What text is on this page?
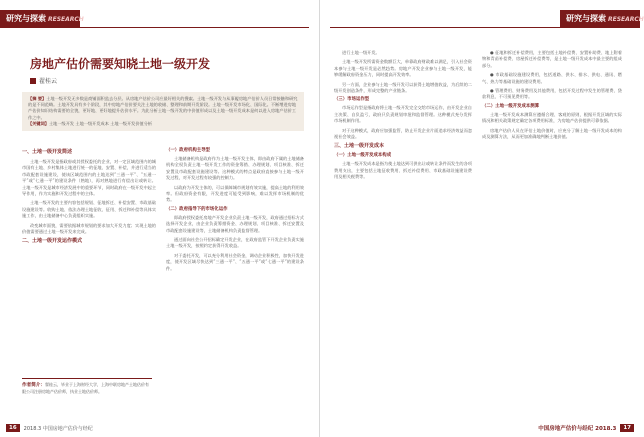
研究与探索 RESEARCH
房地产估价需要知晓土地一级开发
翟桂云
【摘 要】土地一级开发无多数是商铺面积监去分层。从房地产估价公司应最好相关的搜索。土地一级开发与从事履房地产估价人员日常接触和研究的是不同范畴。土地开发具有多个阶段，其中房地产估价要关注土地的收储、整理和前期开发阶段。土地一级开发市场化、国际化。不断增进房地产估价知识结构需要的全貌，更好地、更好地提升估价水平。为此分析土地一级开发的中价值形成以及土地一级开发成本是何以进入房地产估价工作之中。
【关键词】土地一级开发 土地一级开发成本 土地一级开发价值分析
一、土地一级开发简述

土地一级开发是指政府或其授权委托的企业，对一定区域范围内的城市国有土地、乡村集体土地进行统一的征地、安置、补偿，并进行适当的市政配套设施建设，使该区域范围内的土地达到“三通一平”、“五通一平”或“七通一平”的建设条件（熟地），再对熟地进行有偿出让或转让。土地一级开发是城市经济发展中的重要环节，同时政府在一级开发中起主导作用，作为实施和开发过程中的主体。

土地一级开发的主要内容包括规划、征地拆迁、补偿安置、市政基础设施建设等。收购土地、依法办理土地征收、征用、拆迁和补偿等具体实施工作，由土地储备中心负责组织实施。

改变城市面貌，需要依据城市规划的要求加大开发力度；实现土地的价值需要通过土地一级开发来完成。

二、土地一级开发运作模式
作者简介：翟桂云，毕业于上海财经大学，上海中联房地产土地估价有限公司注册房地产估价师，执业土地估价师。
（一）政府机构主导型

土地储备机构是政府作为土地一级开发主体，即由政府下属的土地储备机构全权负责土地一级开发工作的资金筹措、办理规划、项目核准、拆迁安置及市政配套设施建设等。这种模式的特点是政府直接参与土地一级开发过程，对开发过程有较强的控制力。

以政府为开发主体的，可以保障城市规划有效实施，提高土地的利用效率。但政府资金有限，开发进度可能受到影响，难以发挥市场机制的优势。

（二）政府指导下的市场化运作

即政府授权委托房地产开发企业负责土地一级开发，政府通过招标方式选择开发企业，由企业负责筹措资金、办理规划、项目核准、拆迁安置及市政配套设施建设等，土地储备机构负责监督管理。

通过面向社会公开招标确定开发企业，在政府监管下开发企业负责实施土地一级开发，按照约定获得开发收益。

对于委托开发，可以充分利用社会资金，调动企业积极性，加快开发进度，使开发区域尽快达到“三通一平”、“五通一平”或“七通一平”的建设条件。

16	2018.3 中国房地产估价与经纪
研究与探索 RESEARCH

进行土地一级开发。

土地一级开发所需资金数额巨大，单靠政府财政难以满足，引入社会资本参与土地一级开发是必然趋势。房地产开发企业参与土地一级开发，能够缓解政府资金压力，同时提高开发效率。

另一方面，企业参与土地一级开发可以获得土地增值收益，为后续的二级开发创造条件，形成完整的产业链条。

（三）市场运作型

市场运作型是指政府将土地一级开发完全交给市场运作，由开发企业自主决策、自负盈亏，政府只负责规划审批和监督管理。这种模式充分发挥市场机制作用。

对于这种模式，政府应加强监管，防止开发企业片面追求经济效益而忽视社会效益。

三、土地一级开发成本
（一）土地一级开发成本构成

土地一级开发成本是指为使土地达到可供出让或转让条件而发生的各项费用支出，主要包括土地征收费用、拆迁补偿费用、市政基础设施建设费用及相关税费等。

● 征地和拆迁补偿费用，主要包括土地补偿费、安置补助费、地上附着物和青苗补偿费、房屋拆迁补偿费等，是土地一级开发成本中最主要的组成部分。

● 市政基础设施建设费用，包括道路、供水、排水、供电、通讯、燃气、热力等基础设施的建设费用。

● 管理费用、财务费用及其他费用，包括开发过程中发生的管理费、贷款利息、不可预见费用等。

（二）土地一级开发成本测算

土地一级开发成本测算应遵循合理、客观的原则，根据开发区域的实际情况和相关政策规定确定各项费用标准，为房地产估价提供可靠依据。

房地产估价人员在评估土地价值时，应充分了解土地一级开发成本的构成及测算方法，从而更加准确地判断土地价值。

中国房地产估价与经纪 2018.3	17
